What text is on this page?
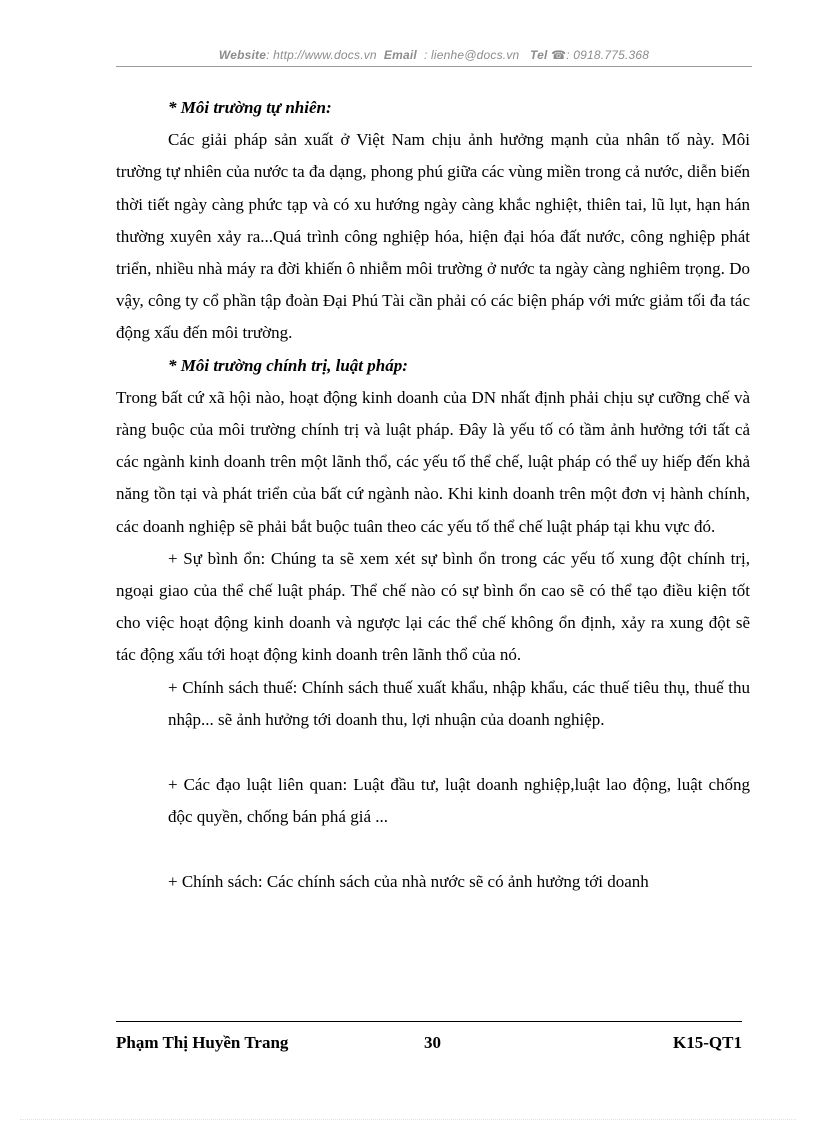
Website: http://www.docs.vn Email : lienhe@docs.vn Tel ☎: 0918.775.368

* Môi trường tự nhiên:

Các giải pháp sản xuất ở Việt Nam chịu ảnh hưởng mạnh của nhân tố này. Môi trường tự nhiên của nước ta đa dạng, phong phú giữa các vùng miền trong cả nước, diễn biến thời tiết ngày càng phức tạp và có xu hướng ngày càng khắc nghiệt, thiên tai, lũ lụt, hạn hán thường xuyên xảy ra...Quá trình công nghiệp hóa, hiện đại hóa đất nước, công nghiệp phát triển, nhiều nhà máy ra đời khiến ô nhiễm môi trường ở nước ta ngày càng nghiêm trọng. Do vậy, công ty cổ phần tập đoàn Đại Phú Tài cần phải có các biện pháp với mức giảm tối đa tác động xấu đến môi trường.

* Môi trường chính trị, luật pháp:

Trong bất cứ xã hội nào, hoạt động kinh doanh của DN nhất định phải chịu sự cưỡng chế và ràng buộc của môi trường chính trị và luật pháp. Đây là yếu tố có tầm ảnh hưởng tới tất cả các ngành kinh doanh trên một lãnh thổ, các yếu tố thể chế, luật pháp có thể uy hiếp đến khả năng tồn tại và phát triển của bất cứ ngành nào. Khi kinh doanh trên một đơn vị hành chính, các doanh nghiệp sẽ phải bắt buộc tuân theo các yếu tố thể chế luật pháp tại khu vực đó.

+ Sự bình ổn: Chúng ta sẽ xem xét sự bình ổn trong các yếu tố xung đột chính trị, ngoại giao của thể chế luật pháp. Thể chế nào có sự bình ổn cao sẽ có thể tạo điều kiện tốt cho việc hoạt động kinh doanh và ngược lại các thể chế không ổn định, xảy ra xung đột sẽ tác động xấu tới hoạt động kinh doanh trên lãnh thổ của nó.

+ Chính sách thuế: Chính sách thuế xuất khẩu, nhập khẩu, các thuế tiêu thụ, thuế thu nhập... sẽ ảnh hưởng tới doanh thu, lợi nhuận của doanh nghiệp.

+ Các đạo luật liên quan: Luật đầu tư, luật doanh nghiệp,luật lao động, luật chống độc quyền, chống bán phá giá ...

+ Chính sách: Các chính sách của nhà nước sẽ có ảnh hưởng tới doanh

Phạm Thị Huyền Trang	30	K15-QT1
